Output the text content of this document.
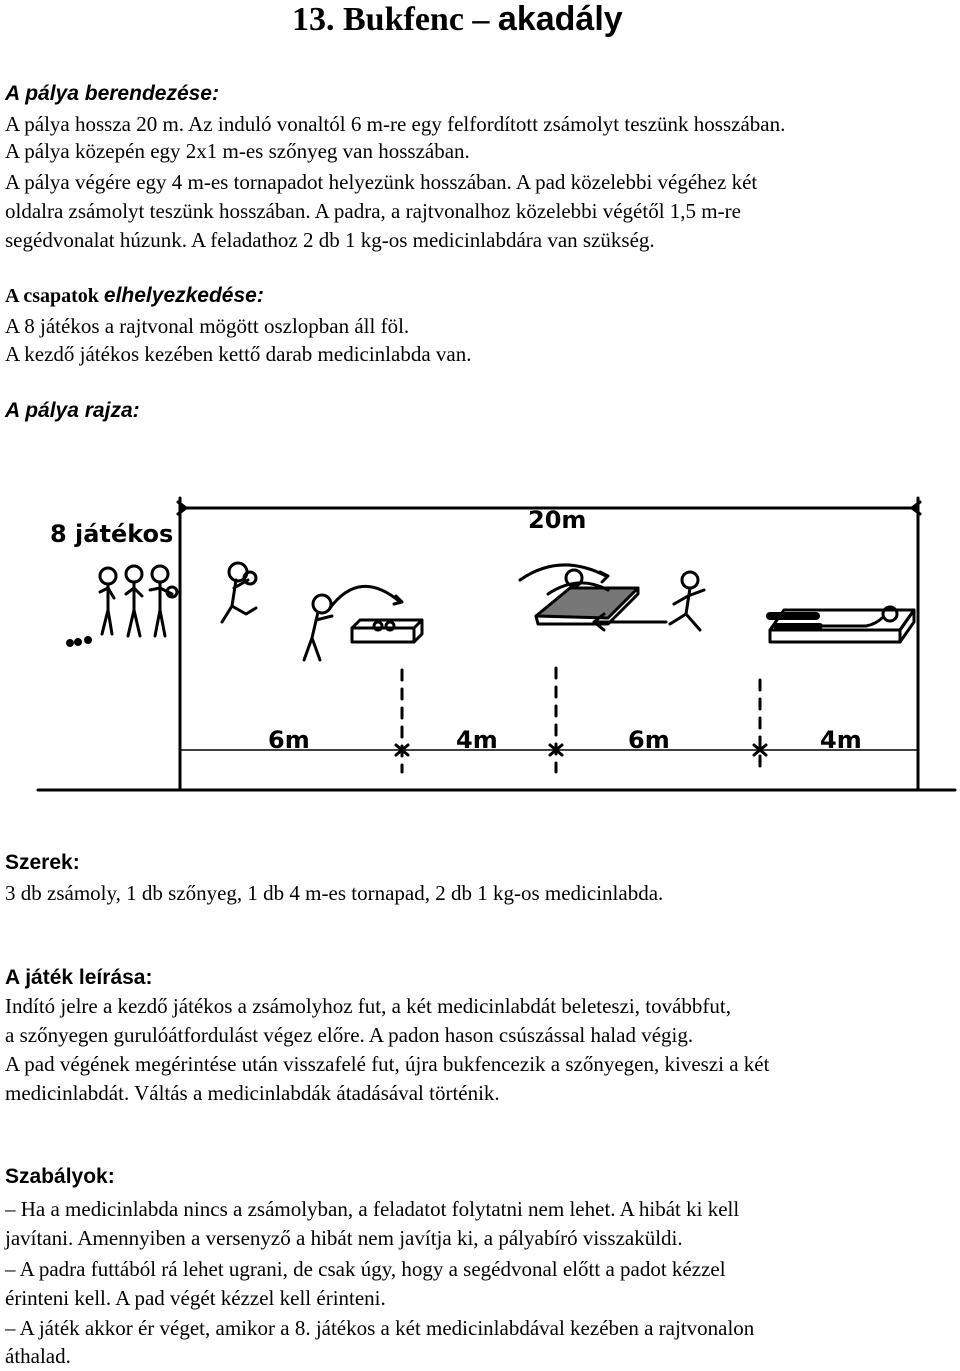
13. Bukfenc – akadály
A pálya berendezése:
A pálya hossza 20 m. Az induló vonaltól 6 m-re egy felfordított zsámolyt teszünk hosszában.
A pálya közepén egy 2x1 m-es szőnyeg van hosszában.
A pálya végére egy 4 m-es tornapadot helyezünk hosszában. A pad közelebbi végéhez két
oldalra zsámolyt teszünk hosszában. A padra, a rajtvonalhoz közelebbi végétől 1,5 m-re
segédvonalat húzunk. A feladathoz 2 db 1 kg-os medicinlabdára van szükség.
A csapatok elhelyezkedése:
A 8 játékos a rajtvonal mögött oszlopban áll föl.
A kezdő játékos kezében kettő darab medicinlabda van.
A pálya rajza:
8 játékos	20m
6m	4m	6m	4m
Szerek:
3 db zsámoly, 1 db szőnyeg, 1 db 4 m-es tornapad, 2 db 1 kg-os medicinlabda.
A játék leírása:
Indító jelre a kezdő játékos a zsámolyhoz fut, a két medicinlabdát beleteszi, továbbfut,
a szőnyegen gurulóátfordulást végez előre. A padon hason csúszással halad végig.
A pad végének megérintése után visszafelé fut, újra bukfencezik a szőnyegen, kiveszi a két
medicinlabdát. Váltás a medicinlabdák átadásával történik.
Szabályok:
– Ha a medicinlabda nincs a zsámolyban, a feladatot folytatni nem lehet. A hibát ki kell
javítani. Amennyiben a versenyző a hibát nem javítja ki, a pályabíró visszaküldi.
– A padra futtából rá lehet ugrani, de csak úgy, hogy a segédvonal előtt a padot kézzel
érinteni kell. A pad végét kézzel kell érinteni.
– A játék akkor ér véget, amikor a 8. játékos a két medicinlabdával kezében a rajtvonalon
áthalad.
